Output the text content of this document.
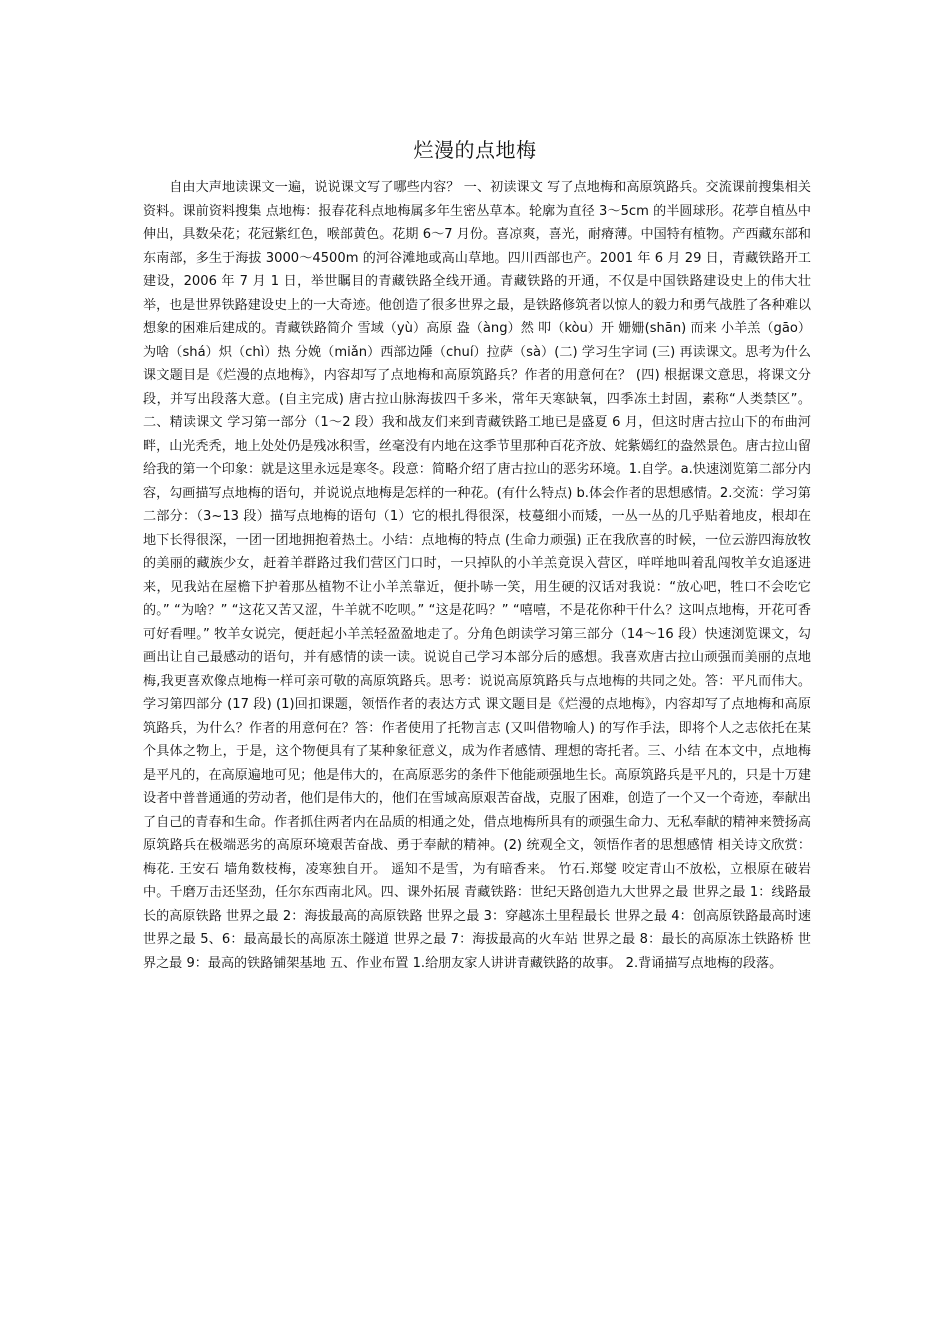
烂漫的点地梅

自由大声地读课文一遍，说说课文写了哪些内容？ 一、初读课文 写了点地梅和高原筑路兵。交流课前搜集相关资料。课前资料搜集 点地梅：报春花科点地梅属多年生密丛草本。轮廓为直径 3～5cm 的半圆球形。花葶自植丛中伸出，具数朵花；花冠紫红色，喉部黄色。花期 6～7 月份。喜凉爽，喜光，耐瘠薄。中国特有植物。产西藏东部和东南部，多生于海拔 3000～4500m 的河谷滩地或高山草地。四川西部也产。2001 年 6 月 29 日，青藏铁路开工建设，2006 年 7 月 1 日，举世瞩目的青藏铁路全线开通。青藏铁路的开通，不仅是中国铁路建设史上的伟大壮举，也是世界铁路建设史上的一大奇迹。他创造了很多世界之最，是铁路修筑者以惊人的毅力和勇气战胜了各种难以想象的困难后建成的。青藏铁路简介 雪域（yù）高原 盎（àng）然 叩（kòu）开 姗姗(shān) 而来 小羊羔（gāo）为啥（shá）炽（chì）热 分娩（miǎn）西部边陲（chuí）拉萨（sà）(二) 学习生字词 (三) 再读课文。思考为什么课文题目是《烂漫的点地梅》，内容却写了点地梅和高原筑路兵？作者的用意何在？ (四) 根据课文意思，将课文分段，并写出段落大意。(自主完成) 唐古拉山脉海拔四千多米，常年天寒缺氧，四季冻土封固，素称“人类禁区”。二、精读课文 学习第一部分（1～2 段）我和战友们来到青藏铁路工地已是盛夏 6 月，但这时唐古拉山下的布曲河畔，山光秃秃，地上处处仍是残冰积雪，丝毫没有内地在这季节里那种百花齐放、姹紫嫣红的盎然景色。唐古拉山留给我的第一个印象：就是这里永远是寒冬。段意：简略介绍了唐古拉山的恶劣环境。1.自学。a.快速浏览第二部分内容，勾画描写点地梅的语句，并说说点地梅是怎样的一种花。(有什么特点) b.体会作者的思想感情。2.交流：学习第二部分：（3~13 段）描写点地梅的语句（1）它的根扎得很深，枝蔓细小而矮，一丛一丛的几乎贴着地皮，根却在地下长得很深，一团一团地拥抱着热土。小结：点地梅的特点 (生命力顽强) 正在我欣喜的时候，一位云游四海放牧的美丽的藏族少女，赶着羊群路过我们营区门口时，一只掉队的小羊羔竟误入营区，咩咩地叫着乱闯牧羊女追逐进来，见我站在屋檐下护着那丛植物不让小羊羔靠近，便扑哧一笑，用生硬的汉话对我说：“放心吧，牲口不会吃它的。” “为啥？” “这花又苦又涩，牛羊就不吃呗。” “这是花吗？” “嘻嘻，不是花你种干什么？这叫点地梅，开花可香可好看哩。” 牧羊女说完，便赶起小羊羔轻盈盈地走了。分角色朗读学习第三部分（14～16 段）快速浏览课文，勾画出让自己最感动的语句，并有感情的读一读。说说自己学习本部分后的感想。我喜欢唐古拉山顽强而美丽的点地梅,我更喜欢像点地梅一样可亲可敬的高原筑路兵。思考：说说高原筑路兵与点地梅的共同之处。答：平凡而伟大。学习第四部分 (17 段) (1)回扣课题，领悟作者的表达方式 课文题目是《烂漫的点地梅》，内容却写了点地梅和高原筑路兵，为什么？作者的用意何在？答：作者使用了托物言志 (又叫借物喻人) 的写作手法，即将个人之志依托在某个具体之物上，于是，这个物便具有了某种象征意义，成为作者感情、理想的寄托者。三、小结 在本文中，点地梅是平凡的，在高原遍地可见；他是伟大的，在高原恶劣的条件下他能顽强地生长。高原筑路兵是平凡的，只是十万建设者中普普通通的劳动者，他们是伟大的，他们在雪域高原艰苦奋战，克服了困难，创造了一个又一个奇迹，奉献出了自己的青春和生命。作者抓住两者内在品质的相通之处，借点地梅所具有的顽强生命力、无私奉献的精神来赞扬高原筑路兵在极端恶劣的高原环境艰苦奋战、勇于奉献的精神。(2) 统观全文，领悟作者的思想感情 相关诗文欣赏： 梅花. 王安石 墙角数枝梅，凌寒独自开。 遥知不是雪，为有暗香来。 竹石.郑燮 咬定青山不放松，立根原在破岩中。千磨万击还坚劲，任尔东西南北风。四、课外拓展 青藏铁路：世纪天路创造九大世界之最 世界之最 1：线路最长的高原铁路 世界之最 2：海拔最高的高原铁路 世界之最 3：穿越冻土里程最长 世界之最 4：创高原铁路最高时速 世界之最 5、6：最高最长的高原冻土隧道 世界之最 7：海拔最高的火车站 世界之最 8：最长的高原冻土铁路桥 世界之最 9：最高的铁路铺架基地 五、作业布置 1.给朋友家人讲讲青藏铁路的故事。 2.背诵描写点地梅的段落。
